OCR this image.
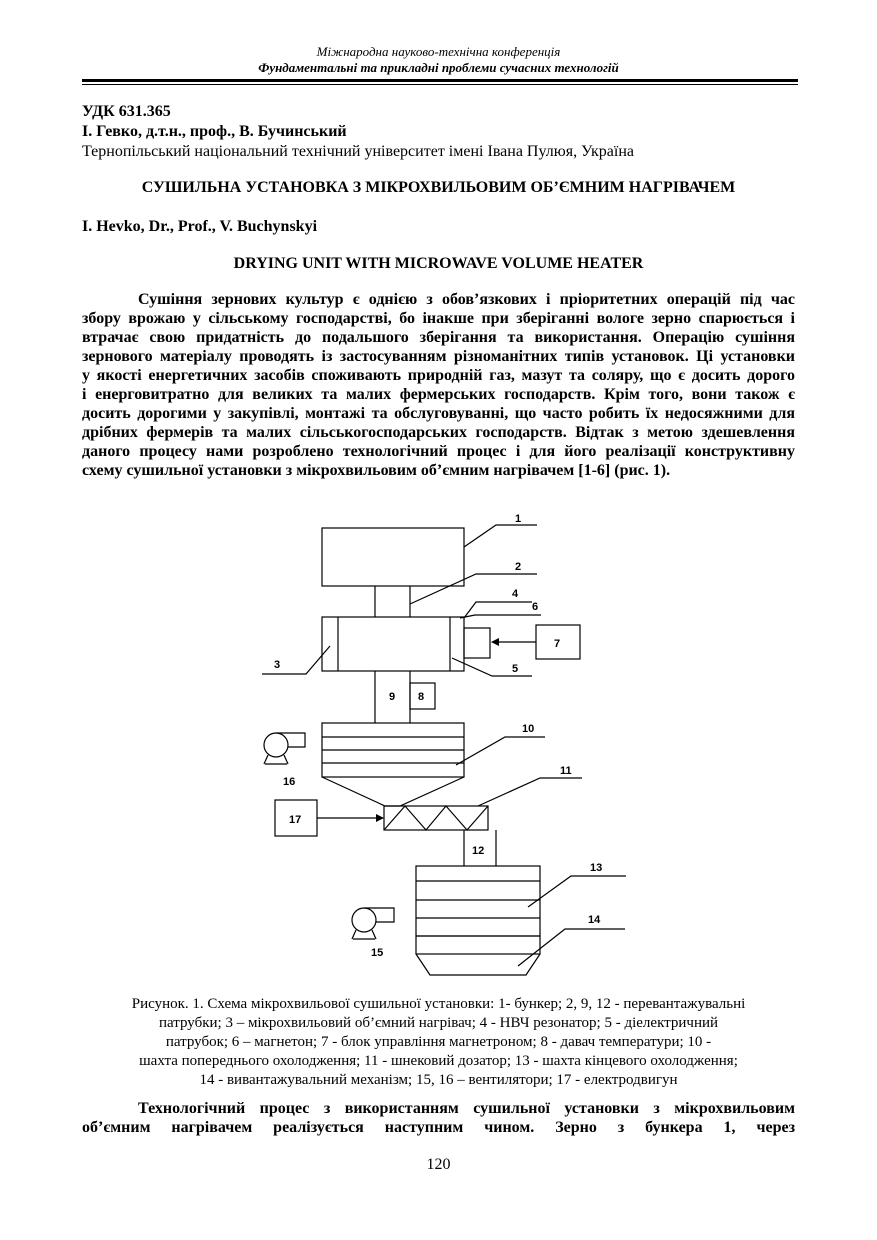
Міжнародна науково-технічна конференція
Фундаментальні та прикладні проблеми сучасних технологій
УДК 631.365
І. Гевко, д.т.н., проф., В. Бучинський
Тернопільський національний технічний університет імені Івана Пулюя, Україна
СУШИЛЬНА УСТАНОВКА З МІКРОХВИЛЬОВИМ ОБ’ЄМНИМ НАГРІВАЧЕМ
I. Hevko, Dr., Prof., V. Buchynskyi
DRYING UNIT WITH MICROWAVE VOLUME HEATER

Сушіння зернових культур є однією з обов’язкових і пріоритетних операцій під час

збору врожаю у сільському господарстві, бо інакше при зберіганні вологе зерно спарюється і

втрачає свою придатність до подальшого зберігання та використання. Операцію сушіння

зернового матеріалу проводять із застосуванням різноманітних типів установок. Ці установки

у якості енергетичних засобів споживають природній газ, мазут та соляру, що є досить дорого

і енерговитратно для великих та малих фермерських господарств. Крім того, вони також є

досить дорогими у закупівлі, монтажі та обслуговуванні, що часто робить їх недосяжними для

дрібних фермерів та малих сільськогосподарських господарств. Відтак з метою здешевлення

даного процесу нами розроблено технологічний процес і для його реалізації конструктивну

схему сушильної установки з мікрохвильовим об’ємним нагрівачем [1-6] (рис. 1).

1
2
4
6
7
3	5
9 8
10
16
11
17
12
13
14
15

Рисунок. 1. Схема мікрохвильової сушильної установки: 1- бункер; 2, 9, 12 - перевантажувальні

патрубки; 3 – мікрохвильовий об’ємний нагрівач; 4 - НВЧ резонатор; 5 - діелектричний

патрубок; 6 – магнетон; 7 - блок управління магнетроном; 8 - давач температури; 10 -

шахта попереднього охолодження; 11 - шнековий дозатор; 13 - шахта кінцевого охолодження;

14 - вивантажувальний механізм; 15, 16 – вентилятори; 17 - електродвигун

Технологічний процес з використанням сушильної установки з мікрохвильовим

об’ємним нагрівачем реалізується наступним чином. Зерно з бункера 1, через

120
